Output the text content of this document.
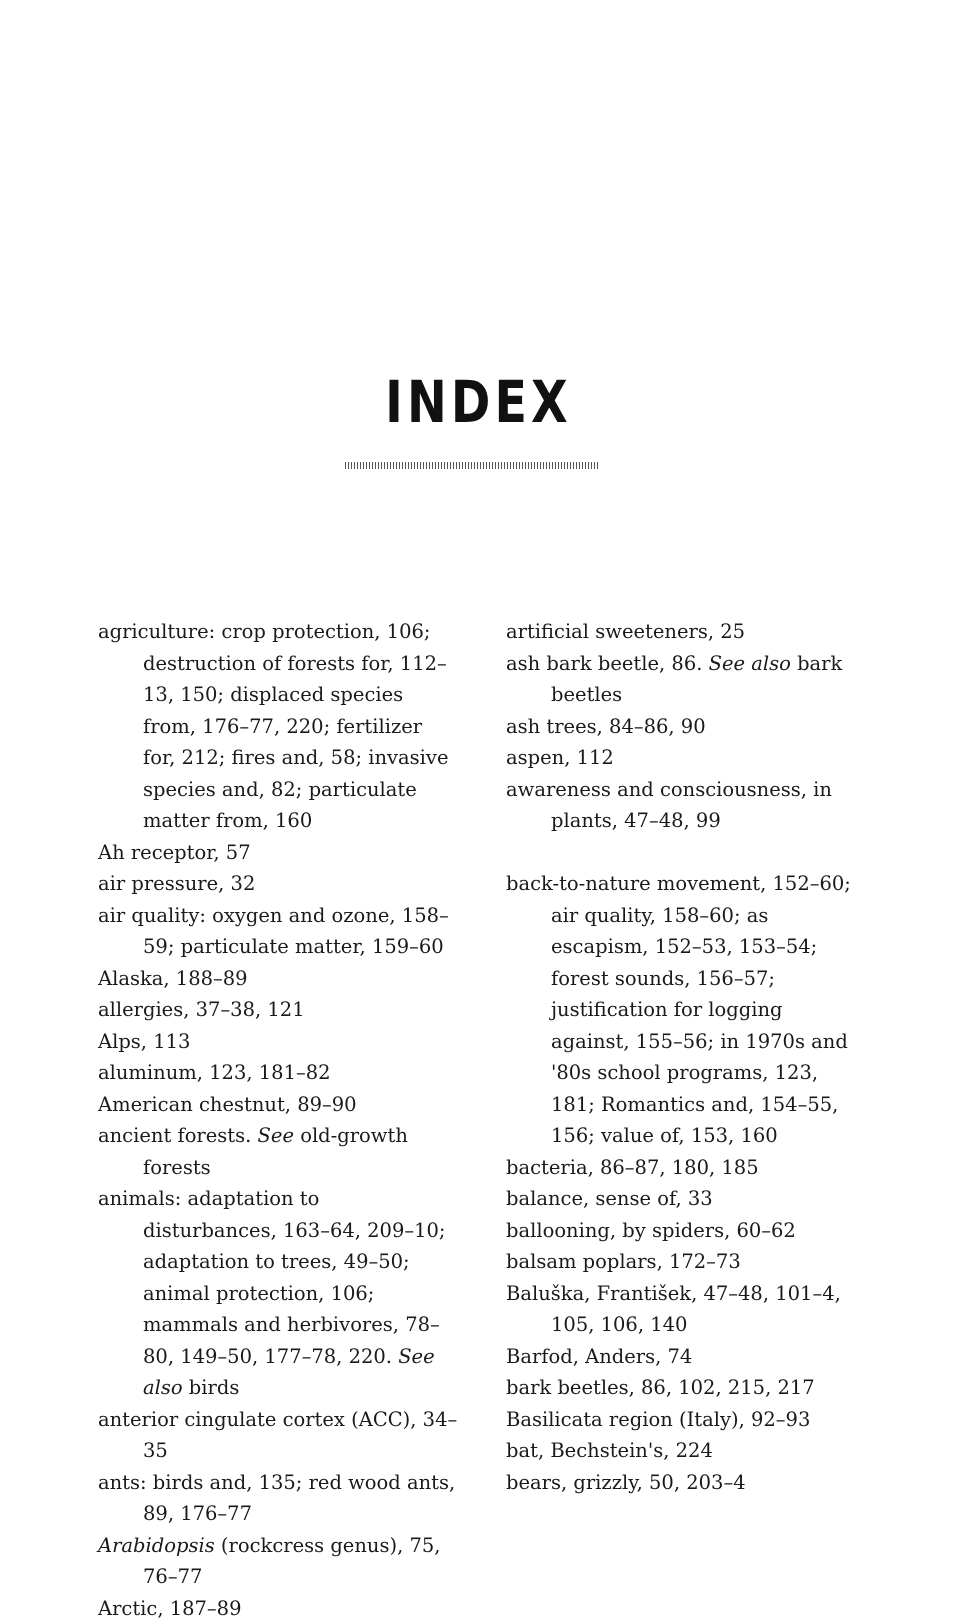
INDEX

agriculture: crop protection, 106; destruction of forests for, 112–13, 150; displaced species from, 176–77, 220; fertilizer for, 212; fires and, 58; invasive species and, 82; particulate matter from, 160

Ah receptor, 57

air pressure, 32

air quality: oxygen and ozone, 158–59; particulate matter, 159–60

Alaska, 188–89

allergies, 37–38, 121

Alps, 113

aluminum, 123, 181–82

American chestnut, 89–90

ancient forests. See old-growth forests

animals: adaptation to disturbances, 163–64, 209–10; adaptation to trees, 49–50; animal protection, 106; mammals and herbivores, 78–80, 149–50, 177–78, 220. See also birds

anterior cingulate cortex (ACC), 34–35

ants: birds and, 135; red wood ants, 89, 176–77

Arabidopsis (rockcress genus), 75, 76–77

Arctic, 187–89

artificial sweeteners, 25

ash bark beetle, 86. See also bark beetles

ash trees, 84–86, 90

aspen, 112

awareness and consciousness, in plants, 47–48, 99

back-to-nature movement, 152–60; air quality, 158–60; as escapism, 152–53, 153–54; forest sounds, 156–57; justification for logging against, 155–56; in 1970s and '80s school programs, 123, 181; Romantics and, 154–55, 156; value of, 153, 160

bacteria, 86–87, 180, 185

balance, sense of, 33

ballooning, by spiders, 60–62

balsam poplars, 172–73

Baluška, František, 47–48, 101–4, 105, 106, 140

Barfod, Anders, 74

bark beetles, 86, 102, 215, 217

Basilicata region (Italy), 92–93

bat, Bechstein's, 224

bears, grizzly, 50, 203–4
